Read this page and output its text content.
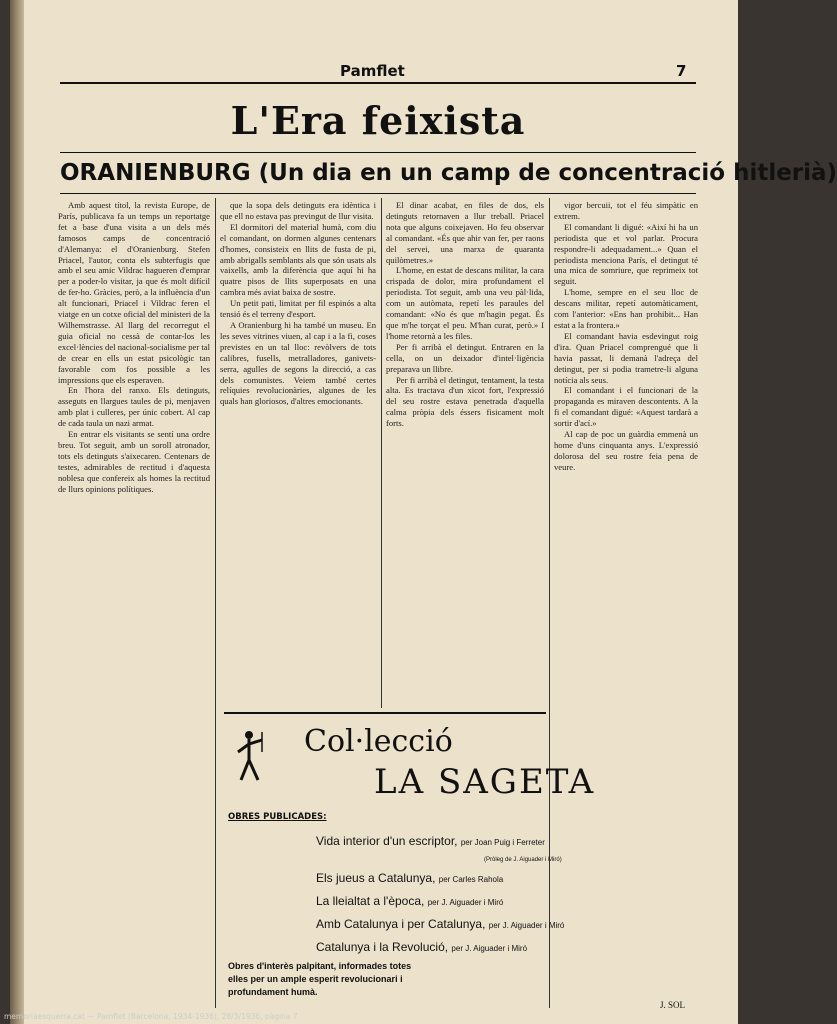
Pamflet	7
L'Era feixista
ORANIENBURG (Un dia en un camp de concentració hitlerià)

Amb aquest títol, la revista Europe, de París, publicava fa un temps un reportatge fet a base d'una visita a un dels més famosos camps de concentració d'Alemanya: el d'Oranienburg. Stefen Priacel, l'autor, conta els subterfugis que amb el seu amic Vildrac hagueren d'emprar per a poder-lo visitar, ja que és molt difícil de fer-ho. Gràcies, però, a la influència d'un alt funcionari, Priacel i Vildrac feren el viatge en un cotxe oficial del ministeri de la Wilhemstrasse. Al llarg del recorregut el guia oficial no cessà de contar-los les excel·lències del nacional-socialisme per tal de crear en ells un estat psicològic tan favorable com fos possible a les impressions que els esperaven.

En l'hora del ranxo. Els detinguts, asseguts en llargues taules de pi, menjaven amb plat i culleres, per únic cobert. Al cap de cada taula un nazi armat.

En entrar els visitants se sentí una ordre breu. Tot seguit, amb un soroll atronador, tots els detinguts s'aixecaren. Centenars de testes, admirables de rectitud i d'aquesta noblesa que confereix als homes la rectitud de llurs opinions polítiques.

que la sopa dels detinguts era idèntica i que ell no estava pas previngut de llur visita.

El dormitori del material humà, com diu el comandant, on dormen algunes centenars d'homes, consisteix en llits de fusta de pi, amb abrigalls semblants als que són usats als vaixells, amb la diferència que aquí hi ha quatre pisos de llits superposats en una cambra més aviat baixa de sostre.

Un petit pati, limitat per fil espinós a alta tensió és el terreny d'esport.

A Oranienburg hi ha també un museu. En les seves vitrines viuen, al cap i a la fi, coses previstes en un tal lloc: revòlvers de tots calibres, fusells, metralladores, ganivets-serra, agulles de segons la direcció, a cas dels comunistes. Veiem també certes relíquies revolucionàries, algunes de les quals han gloriosos, d'altres emocionants.

El dinar acabat, en files de dos, els detinguts retornaven a llur treball. Priacel nota que alguns coixejaven. Ho feu observar al comandant. «És que ahir van fer, per raons del servei, una marxa de quaranta quilòmetres.»

L'home, en estat de descans militar, la cara crispada de dolor, mira profundament el periodista. Tot seguit, amb una veu pàl·lida, com un autòmata, repetí les paraules del comandant: «No és que m'hagin pegat. És que m'he torçat el peu. M'han curat, però.» I l'home retornà a les files.

Per fi arribà el detingut. Entraren en la cella, on un deixador d'intel·ligència preparava un llibre.

Per fi arribà el detingut, tentament, la testa alta. Es tractava d'un xicot fort, l'expressió del seu rostre estava penetrada d'aquella calma pròpia dels éssers fisicament molt forts.

vigor bercuii, tot el féu simpàtic en extrem.

El comandant li digué: «Així hi ha un periodista que et vol parlar. Procura respondre-li adequadament...» Quan el periodista menciona París, el detingut té una mica de somriure, que reprimeix tot seguit.

L'home, sempre en el seu lloc de descans militar, repetí automàticament, com l'anterior: «Ens han prohibit... Han estat a la frontera.»

El comandant havia esdevingut roig d'ira. Quan Priacel comprengué que li havia passat, li demanà l'adreça del detingut, per si podia trametre-li alguna notícia als seus.

El comandant i el funcionari de la propaganda es miraven descontents. A la fi el comandant digué: «Aquest tardarà a sortir d'ací.»

Al cap de poc un guàrdia emmenà un home d'uns cinquanta anys. L'expressió dolorosa del seu rostre feia pena de veure.

Col·lecció
LA SAGETA
OBRES PUBLICADES:
Vida interior d'un escriptor, per Joan Puig i Ferreter
(Pròleg de J. Aiguader i Miró)
Els jueus a Catalunya, per Carles Rahola
La lleialtat a l'època, per J. Aiguader i Miró
Amb Catalunya i per Catalunya, per J. Aiguader i Miró
Catalunya i la Revolució, per J. Aiguader i Miró
Obres d'interès palpitant, informades totes elles per un ample esperit revolucionari i profundament humà.
J. SOL
memoriaesquerra.cat — Pamflet (Barcelona, 1934-1936), 28/3/1936, pàgina 7
